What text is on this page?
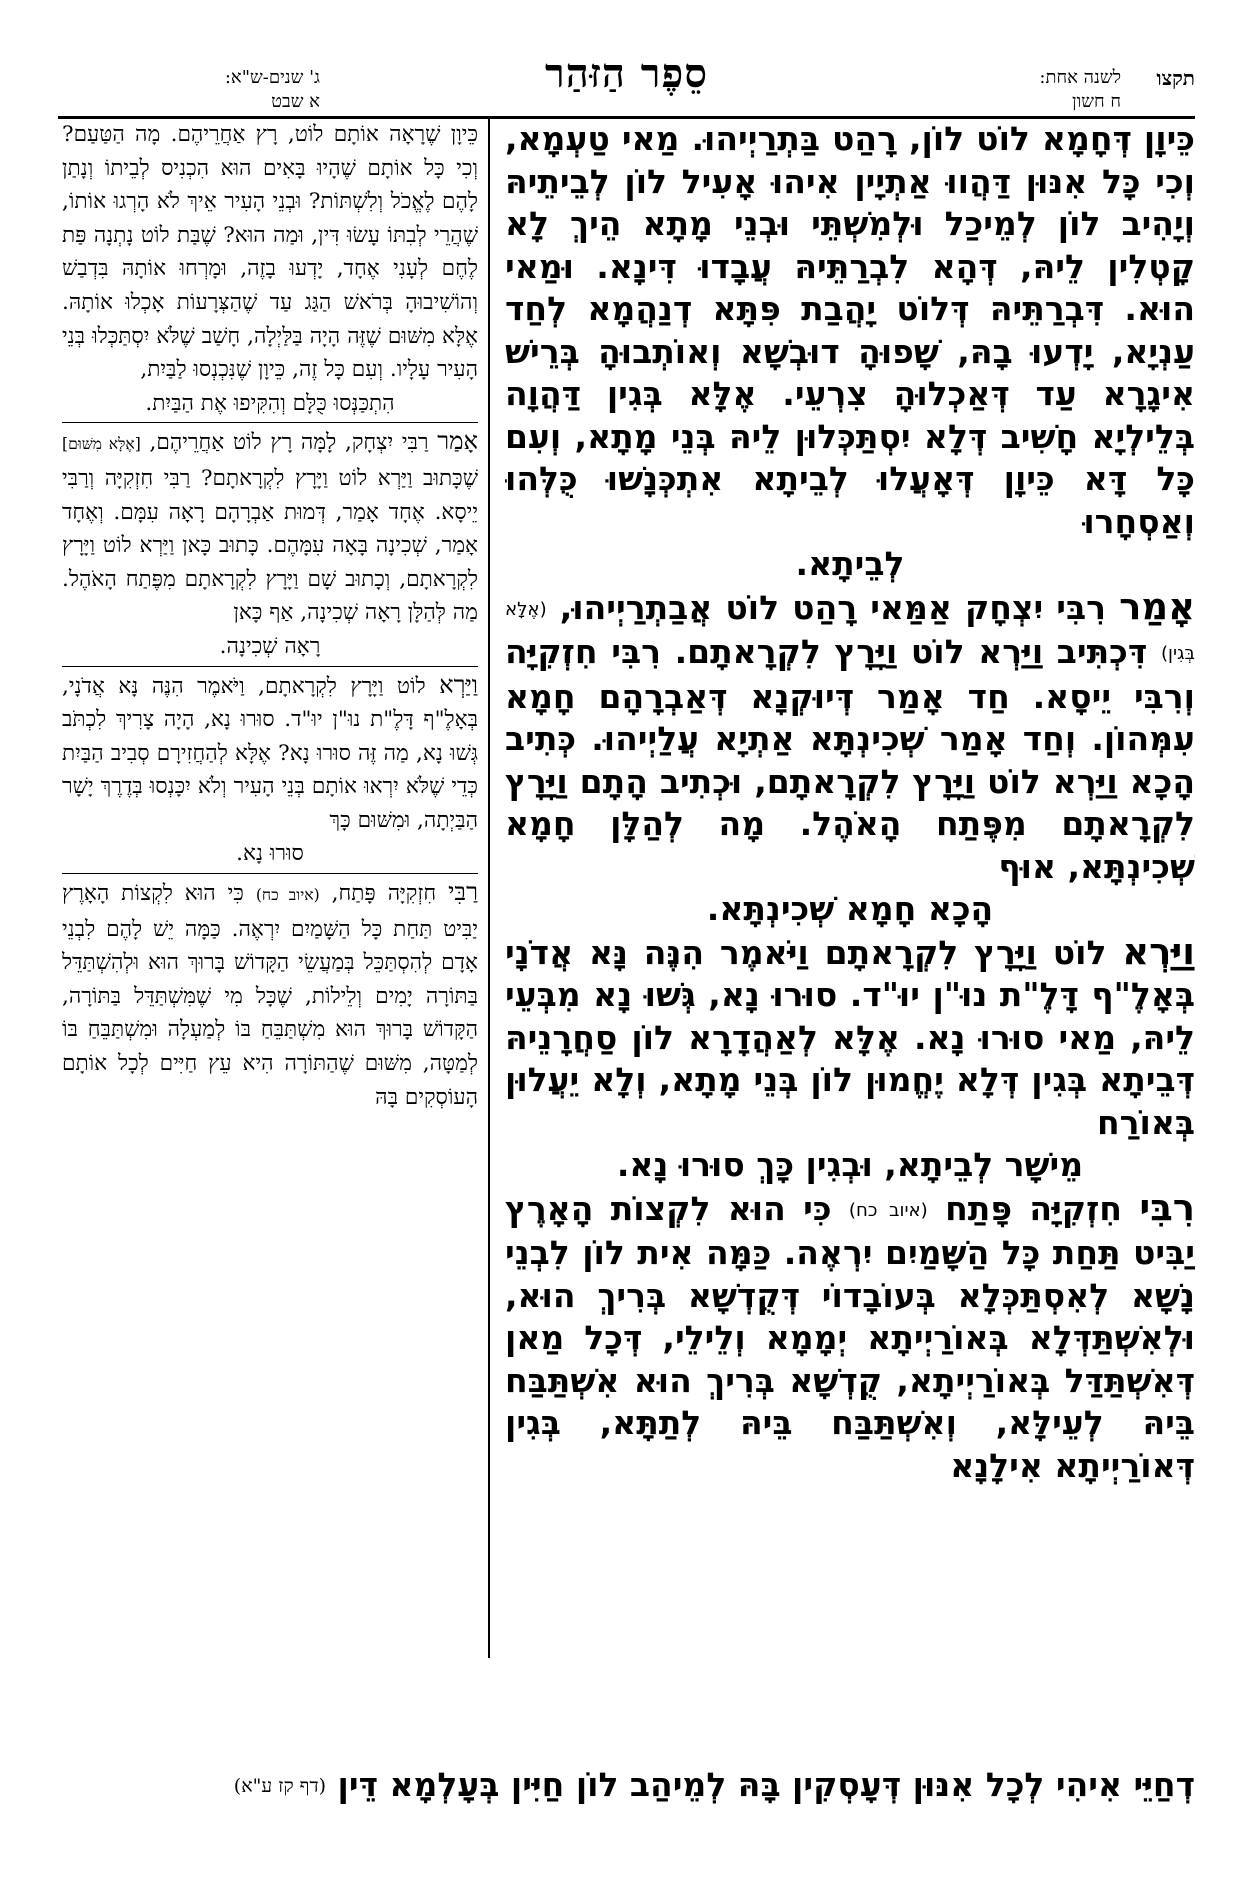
תקצו
לשנה אחת:
ח חשון
סֵפֶר הַזּהַר
ג' שנים-ש"א:
א שבט

כֵּיוָן דְּחָמָא לוֹט לוֹן, רָהַט בַּתְרַיְיהוּ. מַאי טַעְמָא, וְכִי כָּל אִנּוּן דַּהֲווּ אַתְיָין אִיהוּ אָעִיל לוֹן לְבֵיתֵיהּ וְיָהִיב לוֹן לְמֵיכַל וּלְמִשְׁתֵּי וּבְנֵי מָתָא הֵיךְ לָא קָטְלִין לֵיהּ, דְּהָא לִבְרַתֵּיהּ עֲבָדוּ דִּינָא. וּמַאי הוּא. דִּבְרַתֵּיהּ דְּלוֹט יָהֲבַת פִּתָּא דְנַהֲמָא לְחַד עַנְיָא, יָדְעוּ בָהּ, שָׁפוּהָ דוּבְשָׁא וְאוֹתְבוּהָ בְּרֵישׁ אִיגָרָא עַד דְּאַכְלוּהָ צִרְעֵי. אֶלָּא בְּגִין דַּהֲוָה בְּלֵילְיָא חָשִׁיב דְּלָא יִסְתַּכְּלוּן לֵיהּ בְּנֵי מָתָא, וְעִם כָּל דָּא כֵּיוָן דְּאָעֲלוּ לְבֵיתָא אִתְכְּנָשׁוּ כֻּלְּהוּ וְאַסְחָרוּ
לְבֵיתָא.

אָמַר רִבִּי יִצְחָק אַמַּאי רָהַט לוֹט אֲבַתְרַיְיהוּ, (אֶלָּא בְּגִין) דִּכְתִּיב וַיַּרְא לוֹט וַיָּרָץ לִקְרָאתָם. רִבִּי חִזְקִיָּה וְרִבִּי יֵיסָא. חַד אָמַר דְּיוּקְנָא דְּאַבְרָהָם חָמָא עִמְּהוֹן. וְחַד אָמַר שְׁכִינְתָּא אַתְיָא עֲלַיְיהוּ. כְּתִיב הָכָא וַיַּרְא לוֹט וַיָּרָץ לִקְרָאתָם, וּכְתִיב הָתָם וַיָּרָץ לִקְרָאתָם מִפֶּתַח הָאֹהֶל. מָה לְהַלָּן חָמָא שְׁכִינְתָּא, אוּף
הָכָא חָמָא שְׁכִינְתָּא.

וַיַּרְא לוֹט וַיָּרָץ לִקְרָאתָם וַיֹּאמֶר הִנֶּה נָּא אֲדֹנָי בְּאָלֶ"ף דָּלֶ"ת נוּ"ן יוּ"ד. סוּרוּ נָא, גְּשׁוּ נָא מִבְּעֵי לֵיהּ, מַאי סוּרוּ נָא. אֶלָּא לְאַהֲדָרָא לוֹן סַחֲרָנֵיהּ דְּבֵיתָא בְּגִין דְּלָא יֶחֱמוּן לוֹן בְּנֵי מָתָא, וְלָא יֵעֲלוּן בְּאוֹרַח
מֵישָׁר לְבֵיתָא, וּבְגִין כָּךְ סוּרוּ נָא.

רִבִּי חִזְקִיָּה פָּתַח (איוב כח) כִּי הוּא לִקְצוֹת הָאָרֶץ יַבִּיט תַּחַת כָּל הַשָּׁמַיִם יִרְאֶה. כַּמָּה אִית לוֹן לִבְנֵי נָשָׁא לְאִסְתַּכְּלָא בְּעוֹבָדוֹי דְּקֻדְשָׁא בְּרִיךְ הוּא, וּלְאִשְׁתַּדְּלָא בְּאוֹרַיְיתָא יְמָמָא וְלֵילֵי, דְּכָל מַאן דְּאִשְׁתַּדַּל בְּאוֹרַיְיתָא, קֻדְשָׁא בְּרִיךְ הוּא אִשְׁתַּבַּח בֵּיהּ לְעֵילָּא, וְאִשְׁתַּבַּח בֵּיהּ לְתַתָּא, בְּגִין דְּאוֹרַיְיתָא אִילָנָא

כֵּיוָן שֶׁרָאָה אוֹתָם לוֹט, רָץ אַחֲרֵיהֶם. מָה הַטַּעַם? וְכִי כָּל אוֹתָם שֶׁהָיוּ בָּאִים הוּא הִכְנִיס לְבֵיתוֹ וְנָתַן לָהֶם לֶאֱכֹל וְלִשְׁתּוֹת? וּבְנֵי הָעִיר אֵיךְ לֹא הָרְגוּ אוֹתוֹ, שֶׁהֲרֵי לְבִתּוֹ עָשׂוּ דִּין, וּמַה הוּא? שֶׁבַּת לוֹט נָתְנָה פַּת לֶחֶם לְעָנִי אֶחָד, יָדְעוּ בָזֶה, וּמָרְחוּ אוֹתָהּ בִּדְבַשׁ וְהוֹשִׁיבוּהָ בְּרֹאשׁ הַגַּג עַד שֶׁהַצְּרָעוֹת אָכְלוּ אוֹתָהּ. אֶלָּא מִשּׁוּם שֶׁזֶּה הָיָה בַּלַּיְלָה, חָשַׁב שֶׁלֹּא יִסְתַּכְּלוּ בְּנֵי הָעִיר עָלָיו. וְעִם כָּל זֶה, כֵּיוָן שֶׁנִּכְנְסוּ לַבַּיִת,
הִתְכַּנְּסוּ כֻּלָּם וְהִקִּיפוּ אֶת הַבַּיִת.

אָמַר רַבִּי יִצְחָק, לָמָּה רָץ לוֹט אַחֲרֵיהֶם, [אֶלָּא מִשּׁוּם] שֶׁכָּתוּב וַיַּרְא לוֹט וַיָּרָץ לִקְרָאתָם? רַבִּי חִזְקִיָּה וְרַבִּי יֵיסָא. אֶחָד אָמַר, דְּמוּת אַבְרָהָם רָאָה עִמָּם. וְאֶחָד אָמַר, שְׁכִינָה בָּאָה עִמָּהֶם. כָּתוּב כָּאן וַיַּרְא לוֹט וַיָּרָץ לִקְרָאתָם, וְכָתוּב שָׁם וַיָּרָץ לִקְרָאתָם מִפֶּתַח הָאֹהֶל. מַה לְּהַלָּן רָאָה שְׁכִינָה, אַף כָּאן
רָאָה שְׁכִינָה.

וַיַּרְא לוֹט וַיָּרָץ לִקְרָאתָם, וַיֹּאמֶר הִנֶּה נָּא אֲדֹנָי, בְּאָלֶ"ף דָּלֶ"ת נוּ"ן יוּ"ד. סוּרוּ נָא, הָיָה צָרִיךְ לִכְתֹּב גְּשׁוּ נָא, מַה זֶּה סוּרוּ נָא? אֶלָּא לְהַחֲזִירָם סְבִיב הַבַּיִת כְּדֵי שֶׁלֹּא יִרְאוּ אוֹתָם בְּנֵי הָעִיר וְלֹא יִכָּנְסוּ בְּדֶרֶךְ יָשָׁר הַבַּיְתָה, וּמִשּׁוּם כָּךְ
סוּרוּ נָא.

רַבִּי חִזְקִיָּה פָּתַח, (איוב כח) כִּי הוּא לִקְצוֹת הָאָרֶץ יַבִּיט תַּחַת כָּל הַשָּׁמַיִם יִרְאֶה. כַּמָּה יֵשׁ לָהֶם לִבְנֵי אָדָם לְהִסְתַּכֵּל בְּמַעֲשֵׂי הַקָּדוֹשׁ בָּרוּךְ הוּא וּלְהִשְׁתַּדֵּל בַּתּוֹרָה יָמִים וְלֵילוֹת, שֶׁכָּל מִי שֶׁמִּשְׁתַּדֵּל בַּתּוֹרָה, הַקָּדוֹשׁ בָּרוּךְ הוּא מִשְׁתַּבֵּחַ בּוֹ לְמַעְלָה וּמִשְׁתַּבֵּחַ בּוֹ לְמַטָּה, מִשּׁוּם שֶׁהַתּוֹרָה הִיא עֵץ חַיִּים לְכָל אוֹתָם הָעוֹסְקִים בָּהּ

דְחַיֵּי אִיהִי לְכָל אִנּוּן דְּעָסְקִין בָּהּ לְמֵיהַב לוֹן חַיִּין בְּעָלְמָא דֵּין (דף קז ע"א)
